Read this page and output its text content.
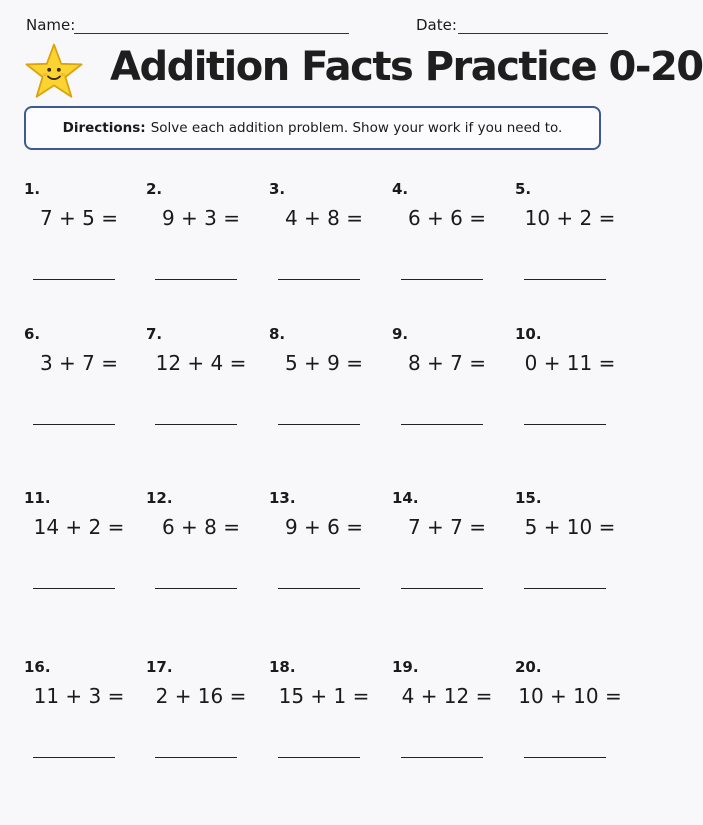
Name:	Date:
Addition Facts Practice 0-20
Directions: Solve each addition problem. Show your work if you need to.
1.
7 + 5 =
2.
9 + 3 =
3.
4 + 8 =
4.
6 + 6 =
5.
10 + 2 =
6.
3 + 7 =
7.
12 + 4 =
8.
5 + 9 =
9.
8 + 7 =
10.
0 + 11 =
11.
14 + 2 =
12.
6 + 8 =
13.
9 + 6 =
14.
7 + 7 =
15.
5 + 10 =
16.
11 + 3 =
17.
2 + 16 =
18.
15 + 1 =
19.
4 + 12 =
20.
10 + 10 =
